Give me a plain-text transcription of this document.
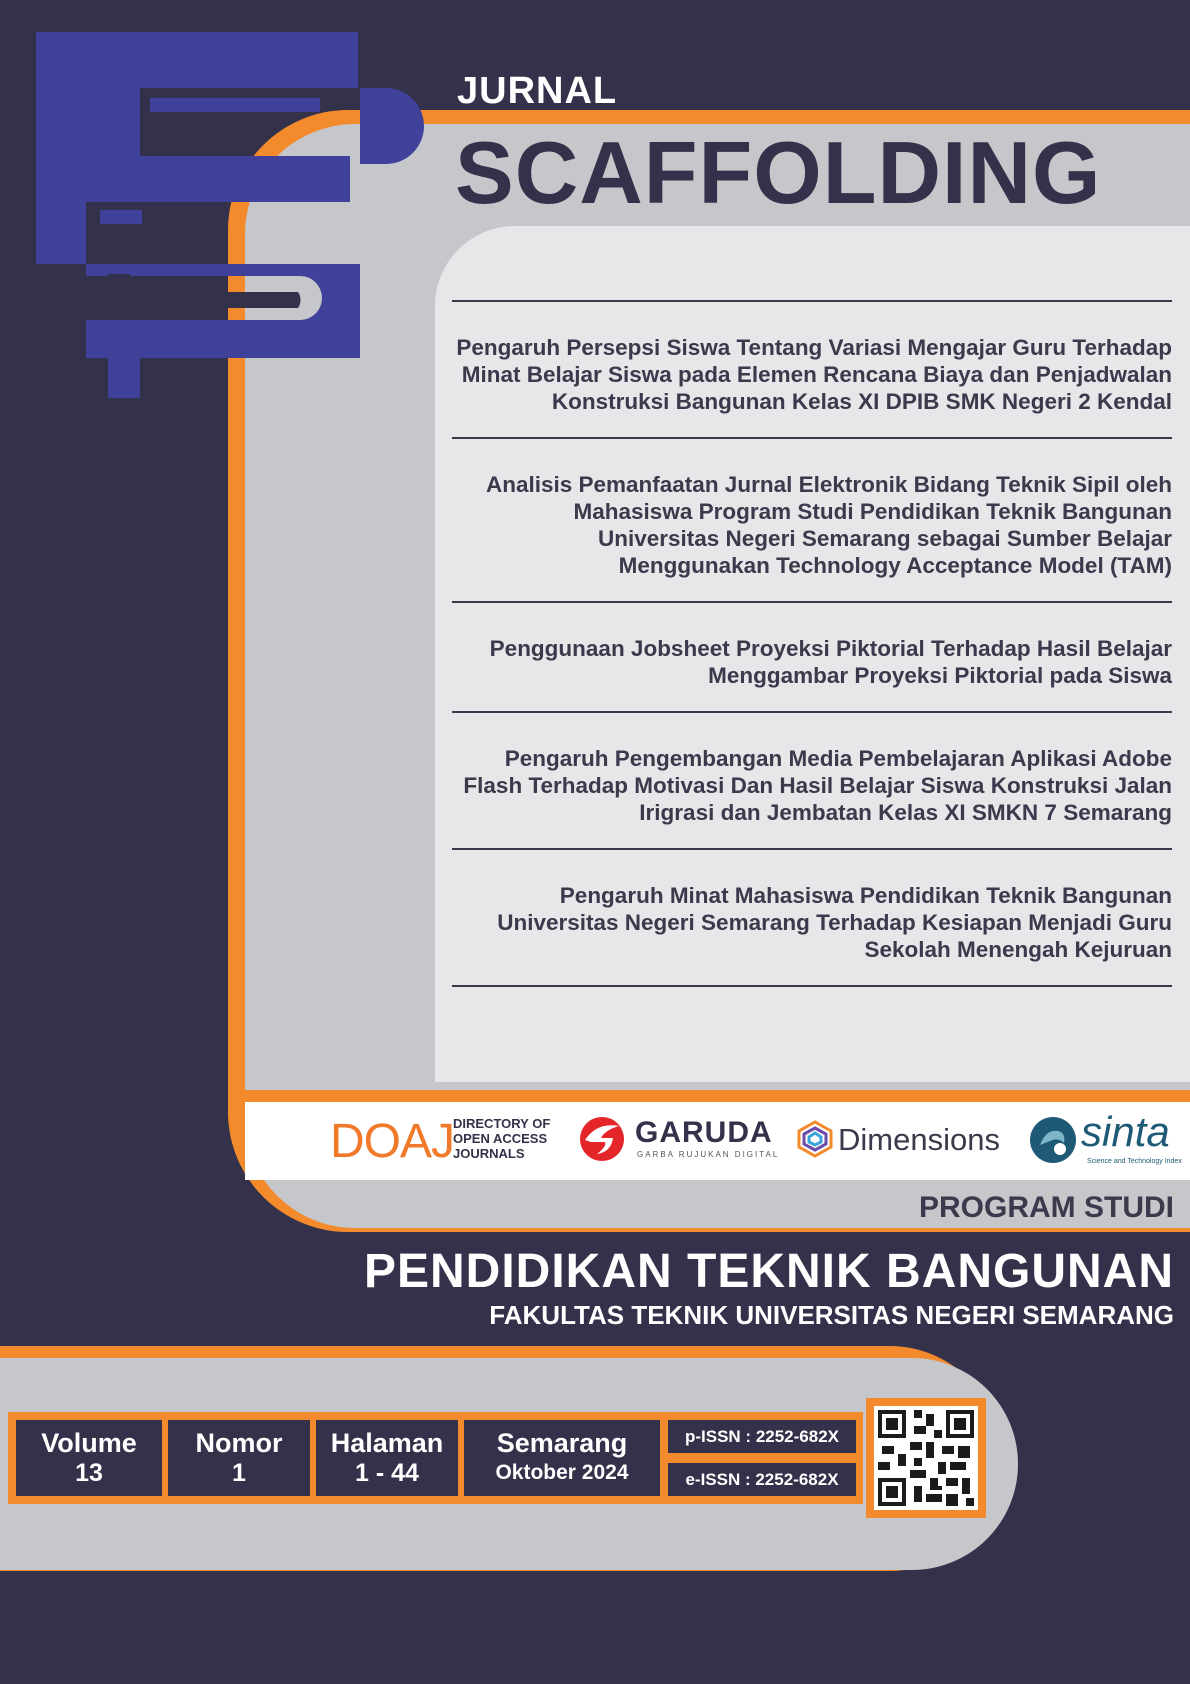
JURNAL
SCAFFOLDING
Pengaruh Persepsi Siswa Tentang Variasi Mengajar Guru Terhadap Minat Belajar Siswa pada Elemen Rencana Biaya dan Penjadwalan Konstruksi Bangunan Kelas XI DPIB SMK Negeri 2 Kendal
Analisis Pemanfaatan Jurnal Elektronik Bidang Teknik Sipil oleh Mahasiswa Program Studi Pendidikan Teknik Bangunan Universitas Negeri Semarang sebagai Sumber Belajar Menggunakan Technology Acceptance Model (TAM)
Penggunaan Jobsheet Proyeksi Piktorial Terhadap Hasil Belajar Menggambar Proyeksi Piktorial pada Siswa
Pengaruh Pengembangan Media Pembelajaran Aplikasi Adobe Flash Terhadap Motivasi Dan Hasil Belajar Siswa Konstruksi Jalan Irigrasi dan Jembatan Kelas XI SMKN 7 Semarang
Pengaruh Minat Mahasiswa Pendidikan Teknik Bangunan Universitas Negeri Semarang Terhadap Kesiapan Menjadi Guru Sekolah Menengah Kejuruan
DOAJ
DIRECTORY OF
OPEN ACCESS
JOURNALS
GARUDA
GARBA RUJUKAN DIGITAL Dimensions sinta
Science and Technology Index
PROGRAM STUDI
PENDIDIKAN TEKNIK BANGUNAN
FAKULTAS TEKNIK UNIVERSITAS NEGERI SEMARANG
Volume
13
Nomor
1
Halaman
1 - 44
Semarang
Oktober 2024
p-ISSN : 2252-682X
e-ISSN : 2252-682X
